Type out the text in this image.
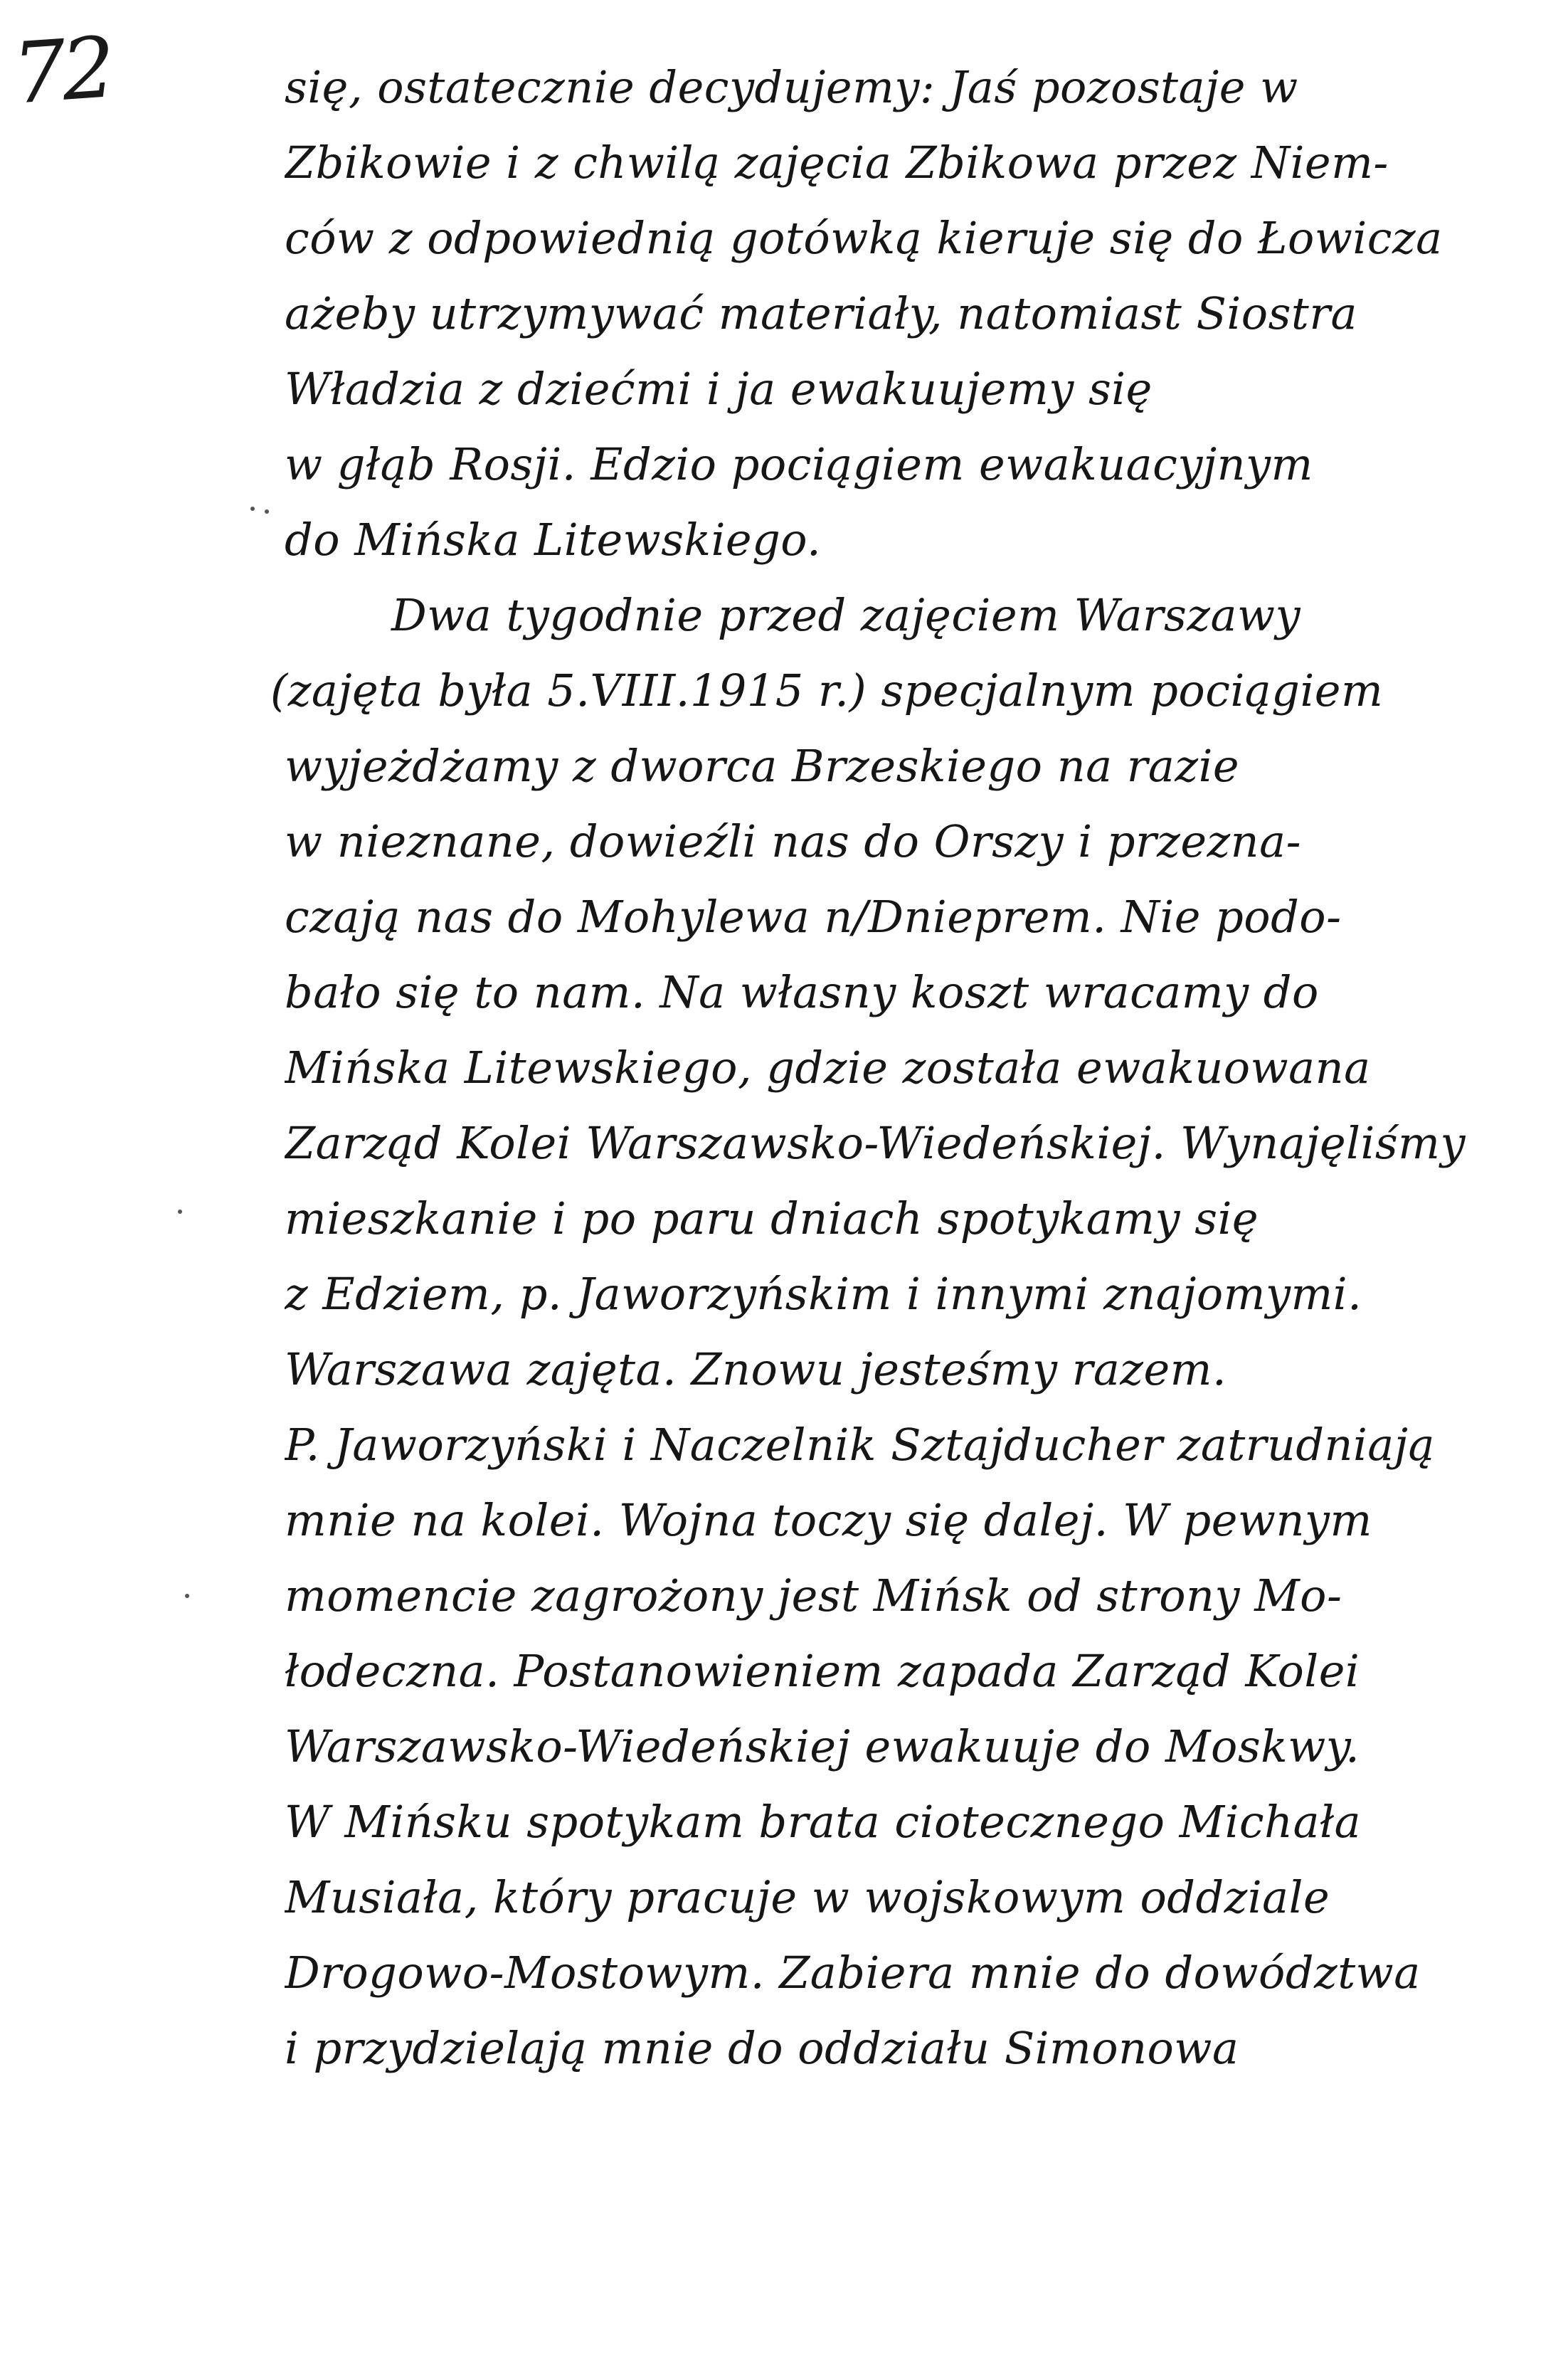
72	się, ostatecznie decydujemy: Jaś pozostaje w
Zbikowie i z chwilą zajęcia Zbikowa przez Niem-
ców z odpowiednią gotówką kieruje się do Łowicza
ażeby utrzymywać materiały, natomiast Siostra
Władzia z dziećmi i ja ewakuujemy się
w głąb Rosji. Edzio pociągiem ewakuacyjnym
do Mińska Litewskiego.
Dwa tygodnie przed zajęciem Warszawy
(zajęta była 5.VIII.1915 r.) specjalnym pociągiem
wyjeżdżamy z dworca Brzeskiego na razie
w nieznane, dowieźli nas do Orszy i przezna-
czają nas do Mohylewa n/Dnieprem. Nie podo-
bało się to nam. Na własny koszt wracamy do
Mińska Litewskiego, gdzie została ewakuowana
Zarząd Kolei Warszawsko-Wiedeńskiej. Wynajęliśmy
mieszkanie i po paru dniach spotykamy się
z Edziem, p. Jaworzyńskim i innymi znajomymi.
Warszawa zajęta. Znowu jesteśmy razem.
P. Jaworzyński i Naczelnik Sztajducher zatrudniają
mnie na kolei. Wojna toczy się dalej. W pewnym
momencie zagrożony jest Mińsk od strony Mo-
łodeczna. Postanowieniem zapada Zarząd Kolei
Warszawsko-Wiedeńskiej ewakuuje do Moskwy.
W Mińsku spotykam brata ciotecznego Michała
Musiała, który pracuje w wojskowym oddziale
Drogowo-Mostowym. Zabiera mnie do dowództwa
i przydzielają mnie do oddziału Simonowa
